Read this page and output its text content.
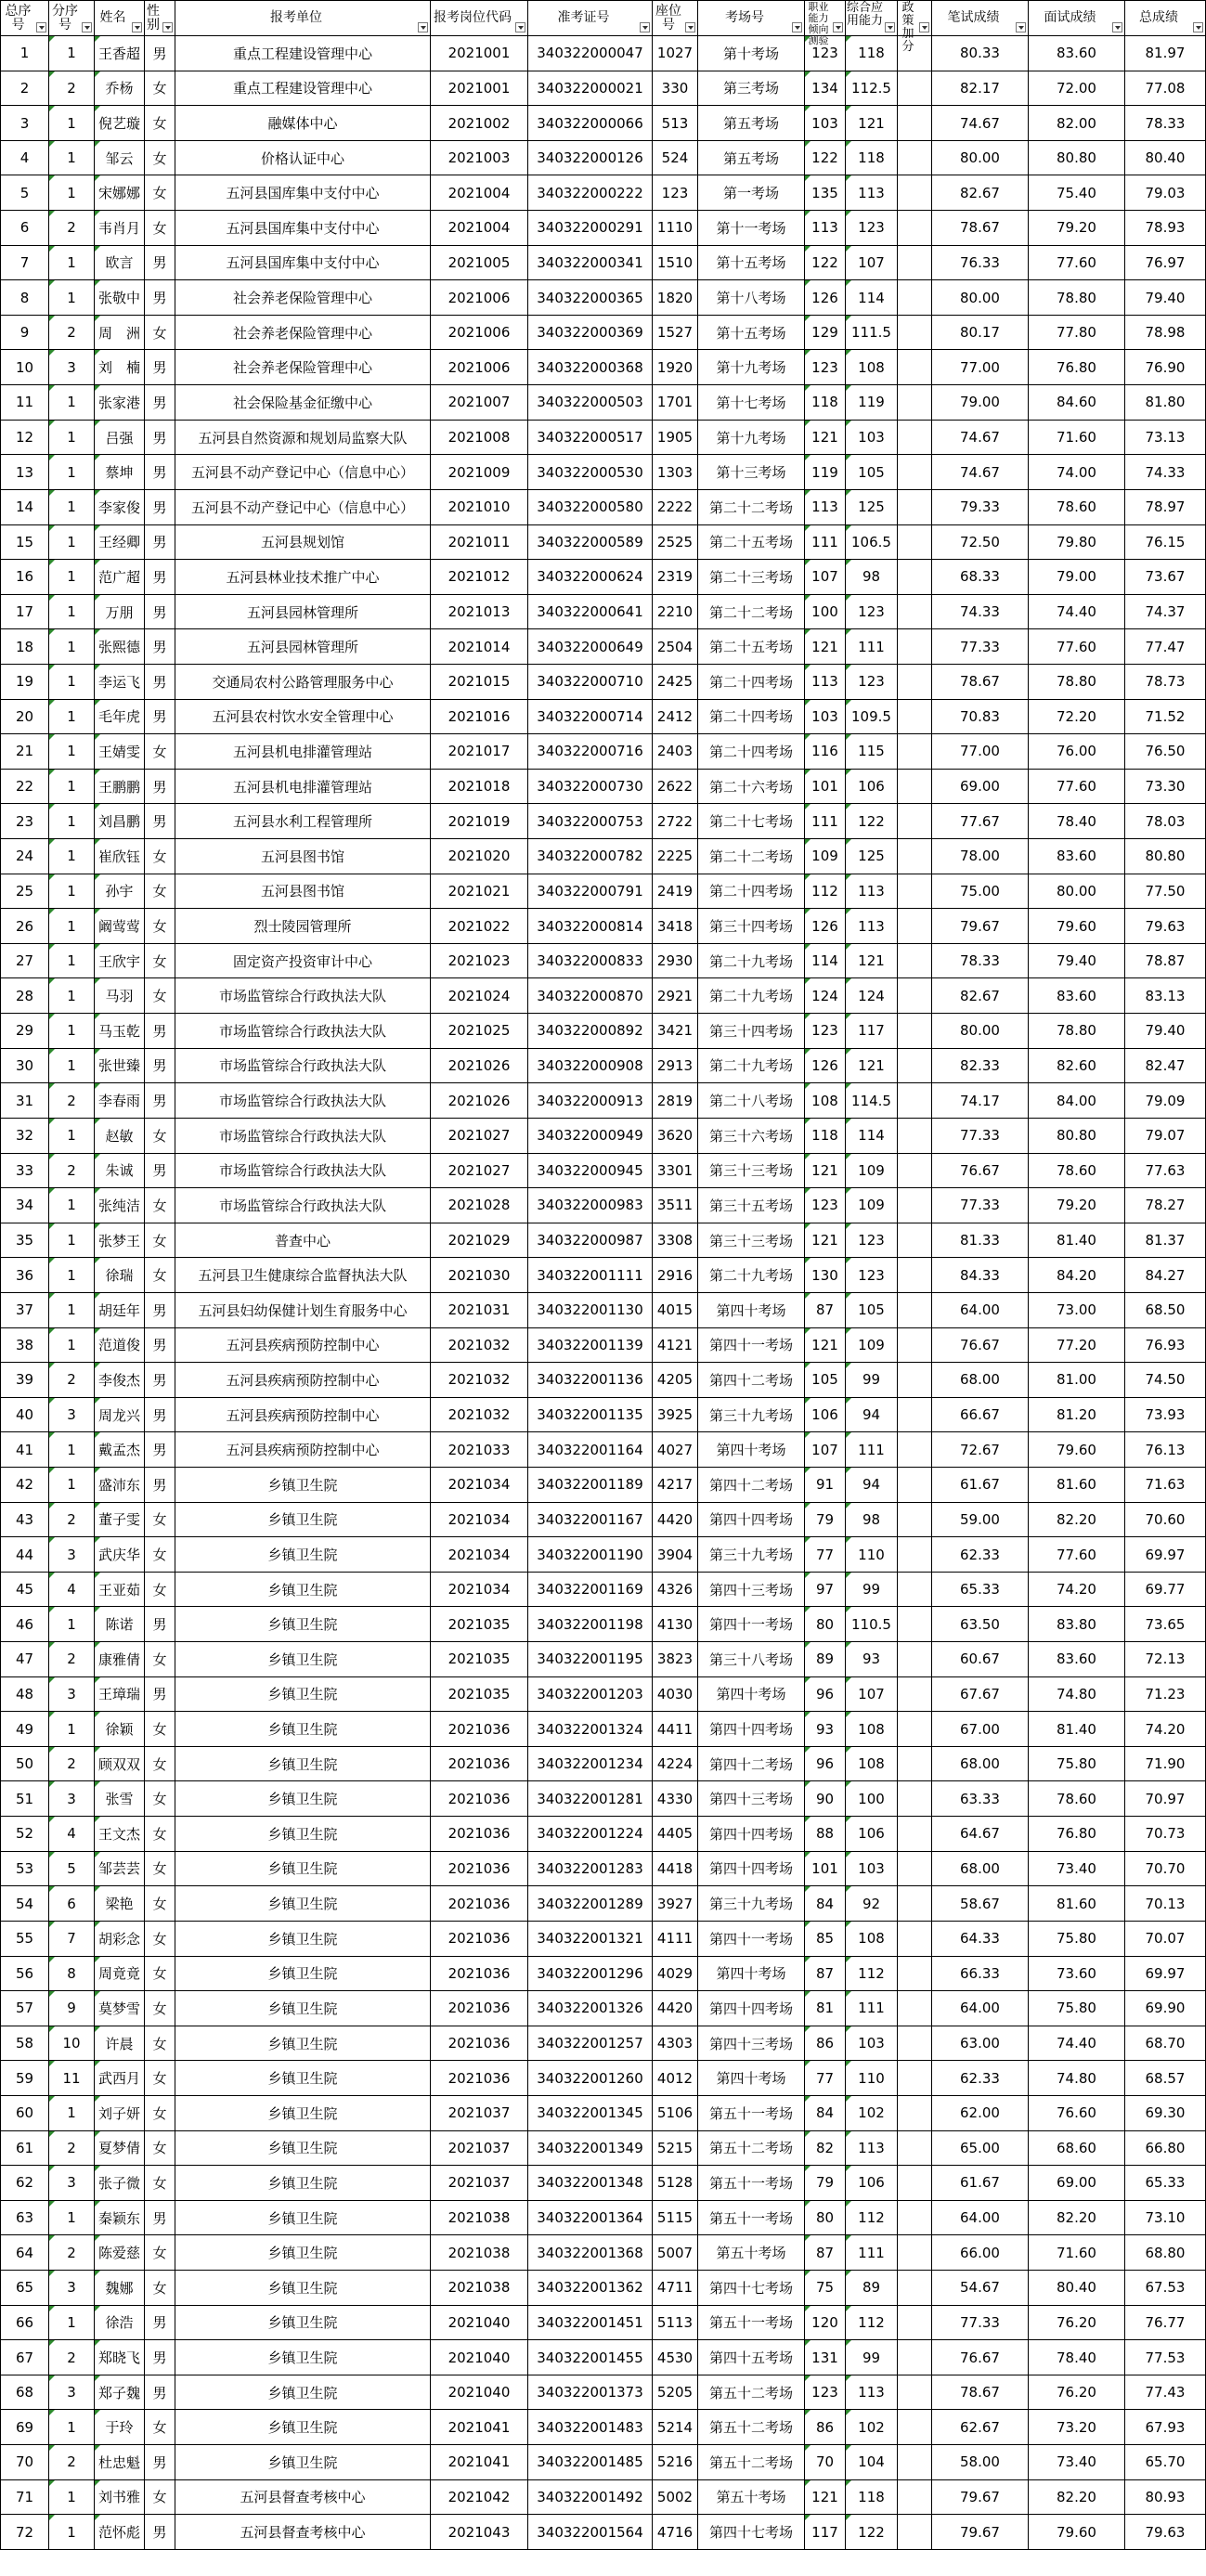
总序号	分序号	姓名	性别	报考单位	报考岗位代码	准考证号	座位号	考场号	职业能力倾向测验	综合应用能力	政策加分	笔试成绩	面试成绩	总成绩

1	1	王香超	男	重点工程建设管理中心	2021001	340322000047	1027	第十考场	123	118		80.33	83.60	81.97
2	2	乔杨	女	重点工程建设管理中心	2021001	340322000021	330	第三考场	134	112.5		82.17	72.00	77.08
3	1	倪艺璇	女	融媒体中心	2021002	340322000066	513	第五考场	103	121		74.67	82.00	78.33
4	1	邹云	女	价格认证中心	2021003	340322000126	524	第五考场	122	118		80.00	80.80	80.40
5	1	宋娜娜	女	五河县国库集中支付中心	2021004	340322000222	123	第一考场	135	113		82.67	75.40	79.03
6	2	韦肖月	女	五河县国库集中支付中心	2021004	340322000291	1110	第十一考场	113	123		78.67	79.20	78.93
7	1	欧言	男	五河县国库集中支付中心	2021005	340322000341	1510	第十五考场	122	107		76.33	77.60	76.97
8	1	张敬中	男	社会养老保险管理中心	2021006	340322000365	1820	第十八考场	126	114		80.00	78.80	79.40
9	2	周　洲	女	社会养老保险管理中心	2021006	340322000369	1527	第十五考场	129	111.5		80.17	77.80	78.98
10	3	刘　楠	男	社会养老保险管理中心	2021006	340322000368	1920	第十九考场	123	108		77.00	76.80	76.90
11	1	张家港	男	社会保险基金征缴中心	2021007	340322000503	1701	第十七考场	118	119		79.00	84.60	81.80
12	1	吕强	男	五河县自然资源和规划局监察大队	2021008	340322000517	1905	第十九考场	121	103		74.67	71.60	73.13
13	1	蔡坤	男	五河县不动产登记中心（信息中心）	2021009	340322000530	1303	第十三考场	119	105		74.67	74.00	74.33
14	1	李家俊	男	五河县不动产登记中心（信息中心）	2021010	340322000580	2222	第二十二考场	113	125		79.33	78.60	78.97
15	1	王经卿	男	五河县规划馆	2021011	340322000589	2525	第二十五考场	111	106.5		72.50	79.80	76.15
16	1	范广超	男	五河县林业技术推广中心	2021012	340322000624	2319	第二十三考场	107	98		68.33	79.00	73.67
17	1	万朋	男	五河县园林管理所	2021013	340322000641	2210	第二十二考场	100	123		74.33	74.40	74.37
18	1	张熙德	男	五河县园林管理所	2021014	340322000649	2504	第二十五考场	121	111		77.33	77.60	77.47
19	1	李运飞	男	交通局农村公路管理服务中心	2021015	340322000710	2425	第二十四考场	113	123		78.67	78.80	78.73
20	1	毛年虎	男	五河县农村饮水安全管理中心	2021016	340322000714	2412	第二十四考场	103	109.5		70.83	72.20	71.52
21	1	王婧雯	女	五河县机电排灌管理站	2021017	340322000716	2403	第二十四考场	116	115		77.00	76.00	76.50
22	1	王鹏鹏	男	五河县机电排灌管理站	2021018	340322000730	2622	第二十六考场	101	106		69.00	77.60	73.30
23	1	刘昌鹏	男	五河县水利工程管理所	2021019	340322000753	2722	第二十七考场	111	122		77.67	78.40	78.03
24	1	崔欣钰	女	五河县图书馆	2021020	340322000782	2225	第二十二考场	109	125		78.00	83.60	80.80
25	1	孙宇	女	五河县图书馆	2021021	340322000791	2419	第二十四考场	112	113		75.00	80.00	77.50
26	1	阚莺莺	女	烈士陵园管理所	2021022	340322000814	3418	第三十四考场	126	113		79.67	79.60	79.63
27	1	王欣宇	女	固定资产投资审计中心	2021023	340322000833	2930	第二十九考场	114	121		78.33	79.40	78.87
28	1	马羽	女	市场监管综合行政执法大队	2021024	340322000870	2921	第二十九考场	124	124		82.67	83.60	83.13
29	1	马玉乾	男	市场监管综合行政执法大队	2021025	340322000892	3421	第三十四考场	123	117		80.00	78.80	79.40
30	1	张世臻	男	市场监管综合行政执法大队	2021026	340322000908	2913	第二十九考场	126	121		82.33	82.60	82.47
31	2	李春雨	男	市场监管综合行政执法大队	2021026	340322000913	2819	第二十八考场	108	114.5		74.17	84.00	79.09
32	1	赵敏	女	市场监管综合行政执法大队	2021027	340322000949	3620	第三十六考场	118	114		77.33	80.80	79.07
33	2	朱诚	男	市场监管综合行政执法大队	2021027	340322000945	3301	第三十三考场	121	109		76.67	78.60	77.63
34	1	张纯洁	女	市场监管综合行政执法大队	2021028	340322000983	3511	第三十五考场	123	109		77.33	79.20	78.27
35	1	张梦王	女	普查中心	2021029	340322000987	3308	第三十三考场	121	123		81.33	81.40	81.37
36	1	徐瑞	女	五河县卫生健康综合监督执法大队	2021030	340322001111	2916	第二十九考场	130	123		84.33	84.20	84.27
37	1	胡廷年	男	五河县妇幼保健计划生育服务中心	2021031	340322001130	4015	第四十考场	87	105		64.00	73.00	68.50
38	1	范道俊	男	五河县疾病预防控制中心	2021032	340322001139	4121	第四十一考场	121	109		76.67	77.20	76.93
39	2	李俊杰	男	五河县疾病预防控制中心	2021032	340322001136	4205	第四十二考场	105	99		68.00	81.00	74.50
40	3	周龙兴	男	五河县疾病预防控制中心	2021032	340322001135	3925	第三十九考场	106	94		66.67	81.20	73.93
41	1	戴孟杰	男	五河县疾病预防控制中心	2021033	340322001164	4027	第四十考场	107	111		72.67	79.60	76.13
42	1	盛沛东	男	乡镇卫生院	2021034	340322001189	4217	第四十二考场	91	94		61.67	81.60	71.63
43	2	董子雯	女	乡镇卫生院	2021034	340322001167	4420	第四十四考场	79	98		59.00	82.20	70.60
44	3	武庆华	女	乡镇卫生院	2021034	340322001190	3904	第三十九考场	77	110		62.33	77.60	69.97
45	4	王亚茹	女	乡镇卫生院	2021034	340322001169	4326	第四十三考场	97	99		65.33	74.20	69.77
46	1	陈诺	男	乡镇卫生院	2021035	340322001198	4130	第四十一考场	80	110.5		63.50	83.80	73.65
47	2	康雅倩	女	乡镇卫生院	2021035	340322001195	3823	第三十八考场	89	93		60.67	83.60	72.13
48	3	王璋瑞	男	乡镇卫生院	2021035	340322001203	4030	第四十考场	96	107		67.67	74.80	71.23
49	1	徐颖	女	乡镇卫生院	2021036	340322001324	4411	第四十四考场	93	108		67.00	81.40	74.20
50	2	顾双双	女	乡镇卫生院	2021036	340322001234	4224	第四十二考场	96	108		68.00	75.80	71.90
51	3	张雪	女	乡镇卫生院	2021036	340322001281	4330	第四十三考场	90	100		63.33	78.60	70.97
52	4	王文杰	女	乡镇卫生院	2021036	340322001224	4405	第四十四考场	88	106		64.67	76.80	70.73
53	5	邹芸芸	女	乡镇卫生院	2021036	340322001283	4418	第四十四考场	101	103		68.00	73.40	70.70
54	6	梁艳	女	乡镇卫生院	2021036	340322001289	3927	第三十九考场	84	92		58.67	81.60	70.13
55	7	胡彩念	女	乡镇卫生院	2021036	340322001321	4111	第四十一考场	85	108		64.33	75.80	70.07
56	8	周竟竟	女	乡镇卫生院	2021036	340322001296	4029	第四十考场	87	112		66.33	73.60	69.97
57	9	莫梦雪	女	乡镇卫生院	2021036	340322001326	4420	第四十四考场	81	111		64.00	75.80	69.90
58	10	许晨	女	乡镇卫生院	2021036	340322001257	4303	第四十三考场	86	103		63.00	74.40	68.70
59	11	武西月	女	乡镇卫生院	2021036	340322001260	4012	第四十考场	77	110		62.33	74.80	68.57
60	1	刘子妍	女	乡镇卫生院	2021037	340322001345	5106	第五十一考场	84	102		62.00	76.60	69.30
61	2	夏梦倩	女	乡镇卫生院	2021037	340322001349	5215	第五十二考场	82	113		65.00	68.60	66.80
62	3	张子微	女	乡镇卫生院	2021037	340322001348	5128	第五十一考场	79	106		61.67	69.00	65.33
63	1	秦颖东	男	乡镇卫生院	2021038	340322001364	5115	第五十一考场	80	112		64.00	82.20	73.10
64	2	陈爱慈	女	乡镇卫生院	2021038	340322001368	5007	第五十考场	87	111		66.00	71.60	68.80
65	3	魏娜	女	乡镇卫生院	2021038	340322001362	4711	第四十七考场	75	89		54.67	80.40	67.53
66	1	徐浩	男	乡镇卫生院	2021040	340322001451	5113	第五十一考场	120	112		77.33	76.20	76.77
67	2	郑晓飞	男	乡镇卫生院	2021040	340322001455	4530	第四十五考场	131	99		76.67	78.40	77.53
68	3	郑子魏	男	乡镇卫生院	2021040	340322001373	5205	第五十二考场	123	113		78.67	76.20	77.43
69	1	于玲	女	乡镇卫生院	2021041	340322001483	5214	第五十二考场	86	102		62.67	73.20	67.93
70	2	杜忠魁	男	乡镇卫生院	2021041	340322001485	5216	第五十二考场	70	104		58.00	73.40	65.70
71	1	刘书雅	女	五河县督查考核中心	2021042	340322001492	5002	第五十考场	121	118		79.67	82.20	80.93
72	1	范怀彪	男	五河县督查考核中心	2021043	340322001564	4716	第四十七考场	117	122		79.67	79.60	79.63
